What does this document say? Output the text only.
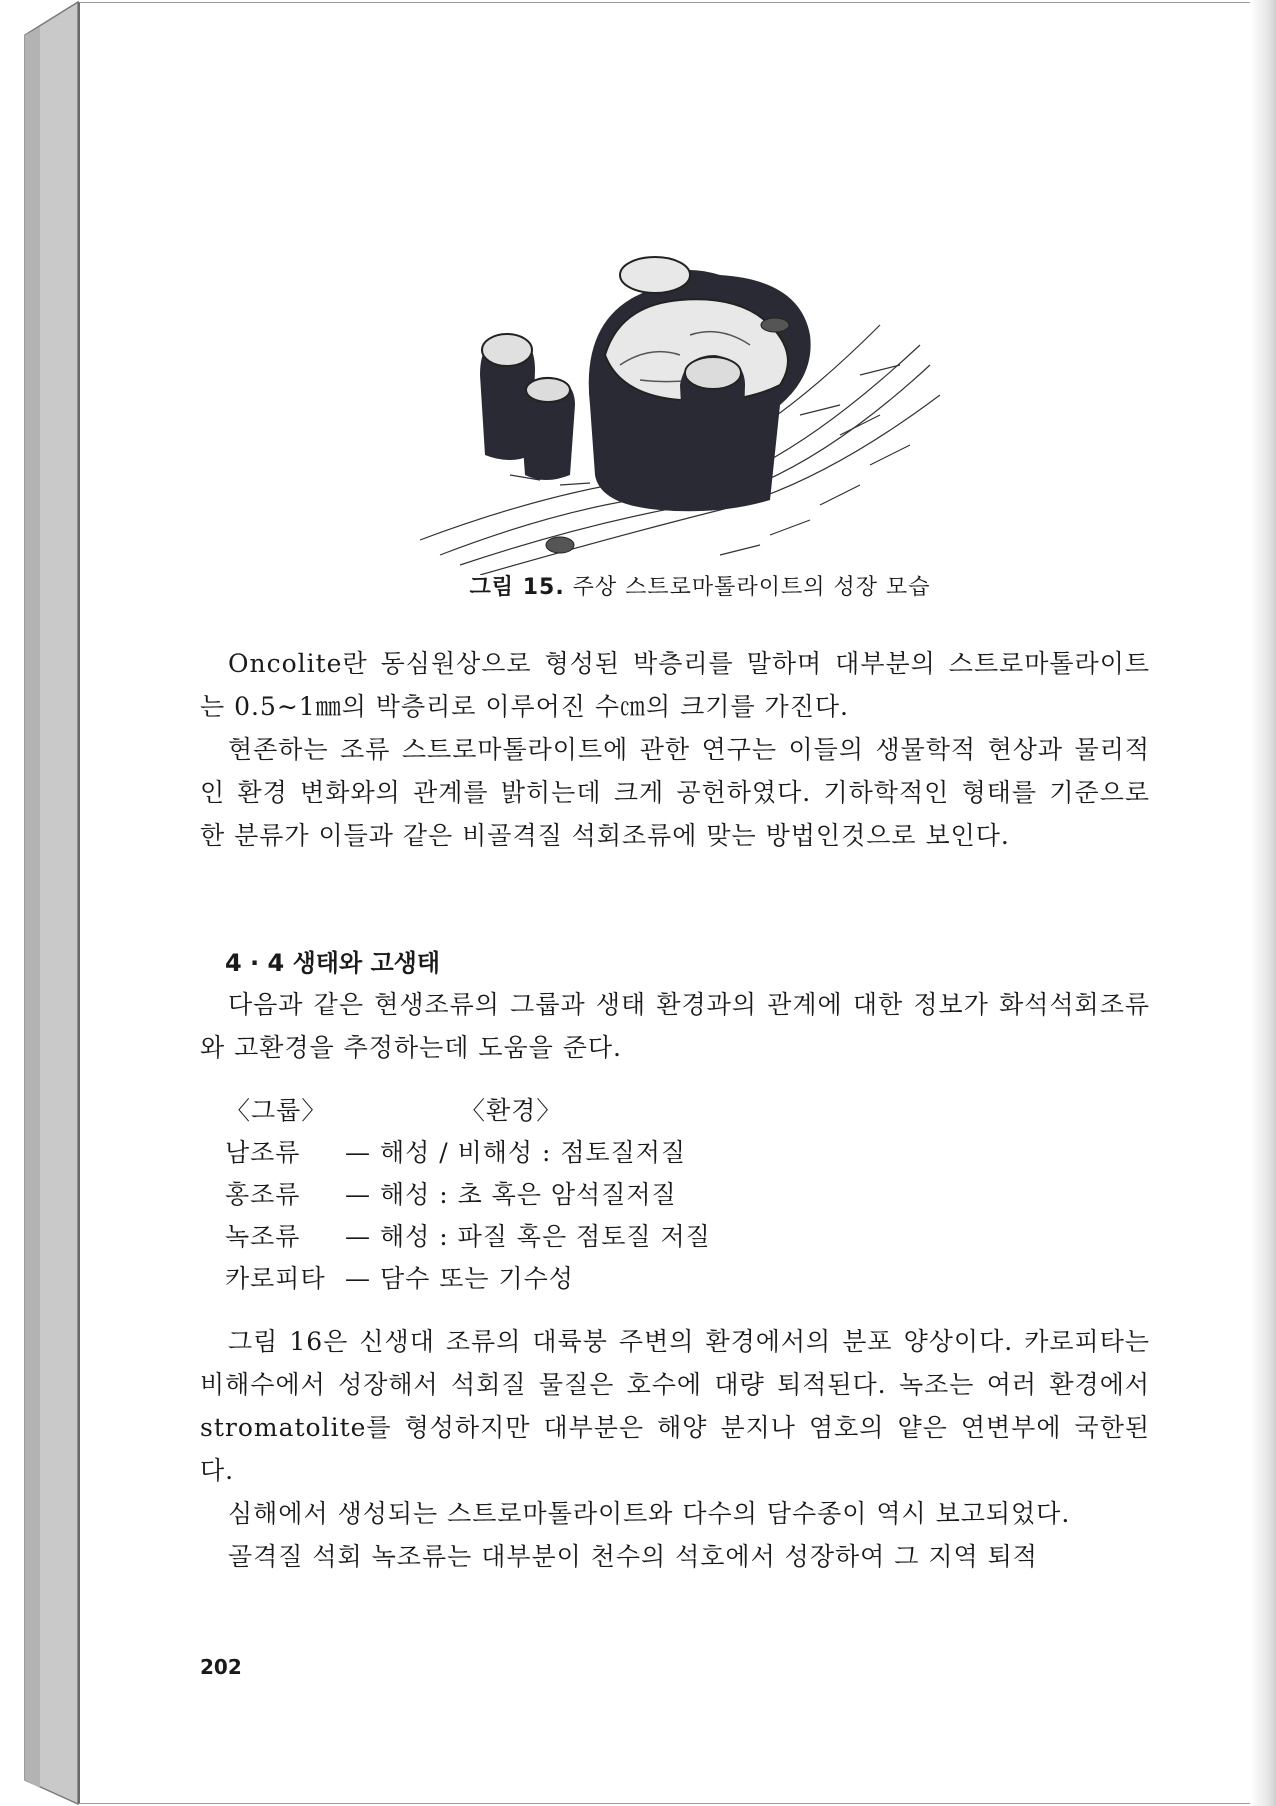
그림 15. 주상 스트로마톨라이트의 성장 모습

Oncolite란 동심원상으로 형성된 박층리를 말하며 대부분의 스트로마톨라이트는 0.5∼1㎜의 박층리로 이루어진 수㎝의 크기를 가진다.

현존하는 조류 스트로마톨라이트에 관한 연구는 이들의 생물학적 현상과 물리적인 환경 변화와의 관계를 밝히는데 크게 공헌하였다. 기하학적인 형태를 기준으로 한 분류가 이들과 같은 비골격질 석회조류에 맞는 방법인것으로 보인다.

4 · 4 생태와 고생태

다음과 같은 현생조류의 그룹과 생태 환경과의 관계에 대한 정보가 화석석회조류와 고환경을 추정하는데 도움을 준다.

〈그룹〉	〈환경〉
남조류	— 해성 / 비해성 : 점토질저질
홍조류	— 해성 : 초 혹은 암석질저질
녹조류	— 해성 : 파질 혹은 점토질 저질
카로피타 — 담수 또는 기수성

그림 16은 신생대 조류의 대륙붕 주변의 환경에서의 분포 양상이다. 카로피타는 비해수에서 성장해서 석회질 물질은 호수에 대량 퇴적된다. 녹조는 여러 환경에서 stromatolite를 형성하지만 대부분은 해양 분지나 염호의 얕은 연변부에 국한된다.

심해에서 생성되는 스트로마톨라이트와 다수의 담수종이 역시 보고되었다.

골격질 석회 녹조류는 대부분이 천수의 석호에서 성장하여 그 지역 퇴적

202
